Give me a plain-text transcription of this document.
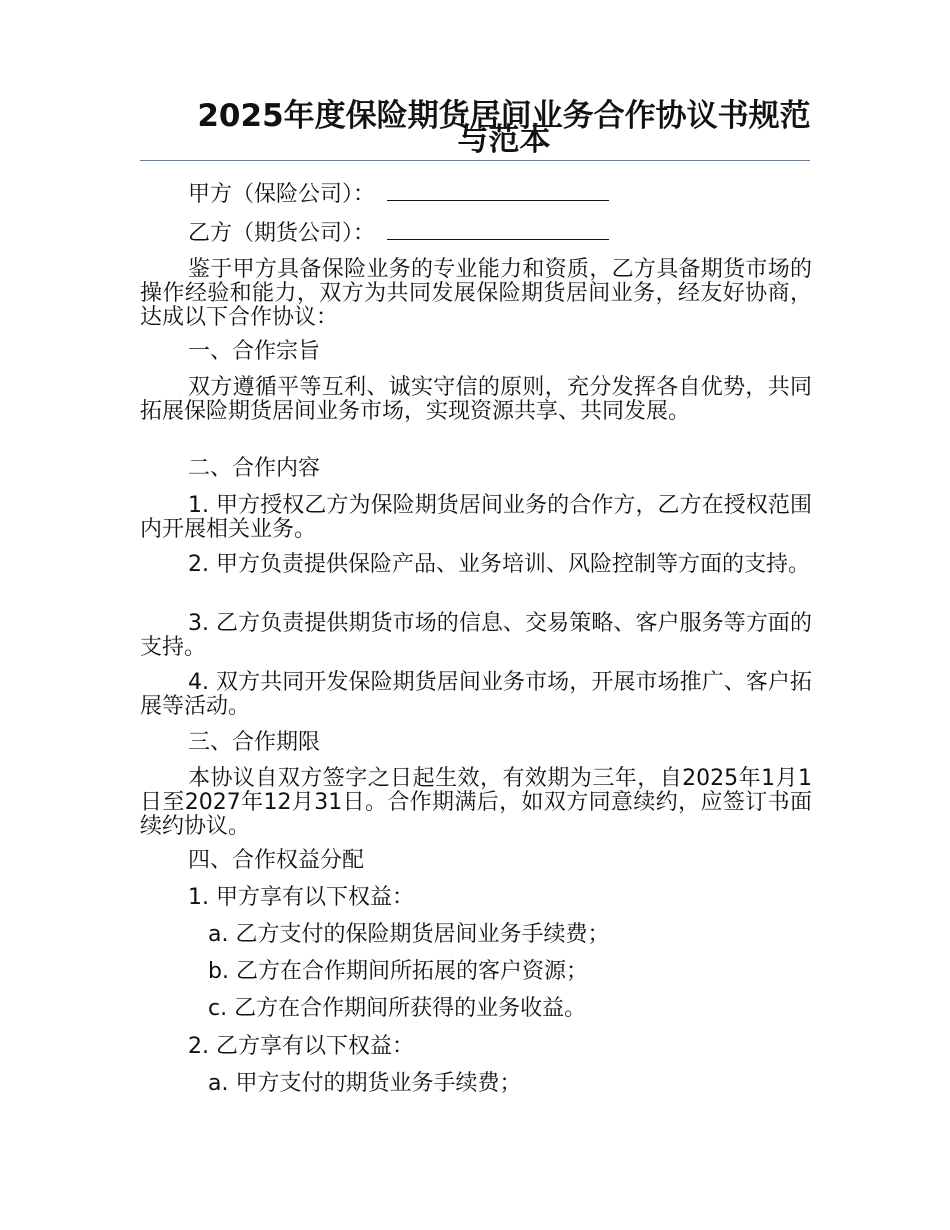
2025年度保险期货居间业务合作协议书规范与范本
甲方（保险公司）：
乙方（期货公司）：

鉴于甲方具备保险业务的专业能力和资质，乙方具备期货市场的操作经验和能力，双方为共同发展保险期货居间业务，经友好协商，达成以下合作协议：

一、合作宗旨

双方遵循平等互利、诚实守信的原则，充分发挥各自优势，共同拓展保险期货居间业务市场，实现资源共享、共同发展。

二、合作内容

1. 甲方授权乙方为保险期货居间业务的合作方，乙方在授权范围内开展相关业务。

2. 甲方负责提供保险产品、业务培训、风险控制等方面的支持。

3. 乙方负责提供期货市场的信息、交易策略、客户服务等方面的支持。

4. 双方共同开发保险期货居间业务市场，开展市场推广、客户拓展等活动。

三、合作期限

本协议自双方签字之日起生效，有效期为三年，自2025年1月1日至2027年12月31日。合作期满后，如双方同意续约，应签订书面续约协议。

四、合作权益分配
1. 甲方享有以下权益：
a. 乙方支付的保险期货居间业务手续费；
b. 乙方在合作期间所拓展的客户资源；
c. 乙方在合作期间所获得的业务收益。
2. 乙方享有以下权益：
a. 甲方支付的期货业务手续费；
